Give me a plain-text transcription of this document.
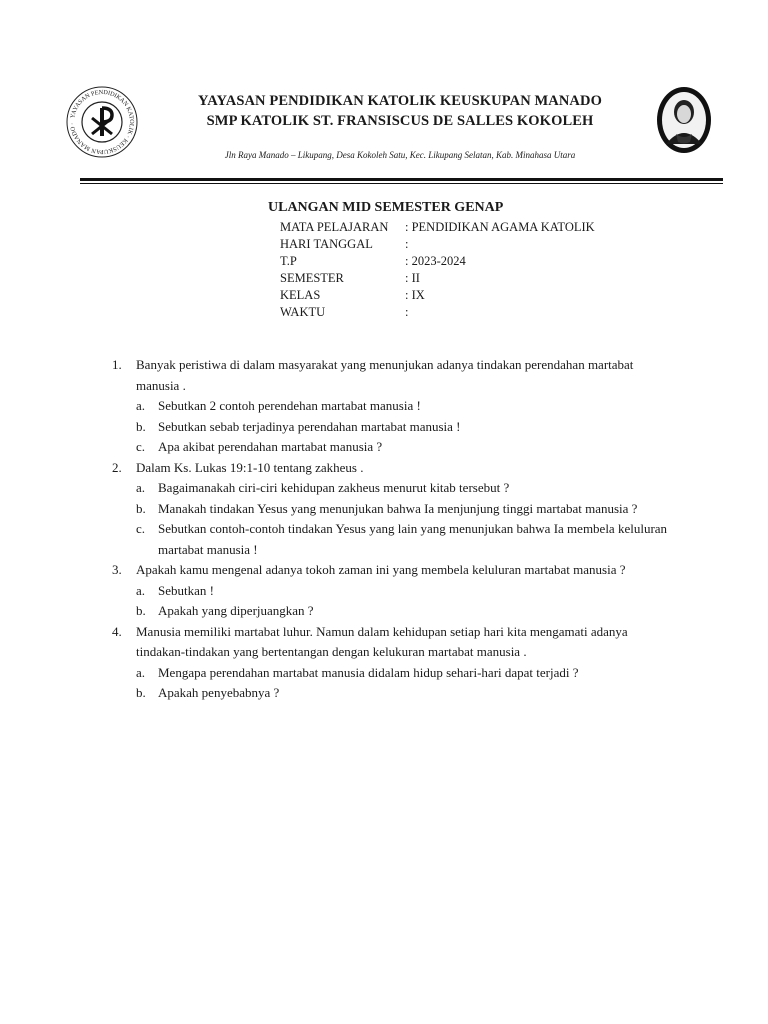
YAYASAN PENDIDIKAN KATOLIK · KEUSKUPAN MANADO ·
YAYASAN PENDIDIKAN KATOLIK KEUSKUPAN MANADO
SMP KATOLIK ST. FRANSISCUS DE SALLES KOKOLEH
Jln Raya Manado – Likupang, Desa Kokoleh Satu, Kec. Likupang Selatan, Kab. Minahasa Utara
ULANGAN MID SEMESTER GENAP
MATA PELAJARAN : PENDIDIKAN AGAMA KATOLIK
HARI TANGGAL	:
T.P	: 2023-2024
SEMESTER	: II
KELAS	: IX
WAKTU	:
1. Banyak peristiwa di dalam masyarakat yang menunjukan adanya tindakan perendahan martabat manusia .
a. Sebutkan 2 contoh perendehan martabat manusia !
b. Sebutkan sebab terjadinya perendahan martabat manusia !
c. Apa akibat perendahan martabat manusia ?
2. Dalam Ks. Lukas 19:1-10 tentang zakheus .
a. Bagaimanakah ciri-ciri kehidupan zakheus menurut kitab tersebut ?
b. Manakah tindakan Yesus yang menunjukan bahwa Ia menjunjung tinggi martabat manusia ?
c. Sebutkan contoh-contoh tindakan Yesus yang lain yang menunjukan bahwa Ia membela keluluran martabat manusia !
3. Apakah kamu mengenal adanya tokoh zaman ini yang membela keluluran martabat manusia ?
a. Sebutkan !
b. Apakah yang diperjuangkan ?
4. Manusia memiliki martabat luhur. Namun dalam kehidupan setiap hari kita mengamati adanya tindakan-tindakan yang bertentangan dengan kelukuran martabat manusia .
a. Mengapa perendahan martabat manusia didalam hidup sehari-hari dapat terjadi ?
b. Apakah penyebabnya ?
